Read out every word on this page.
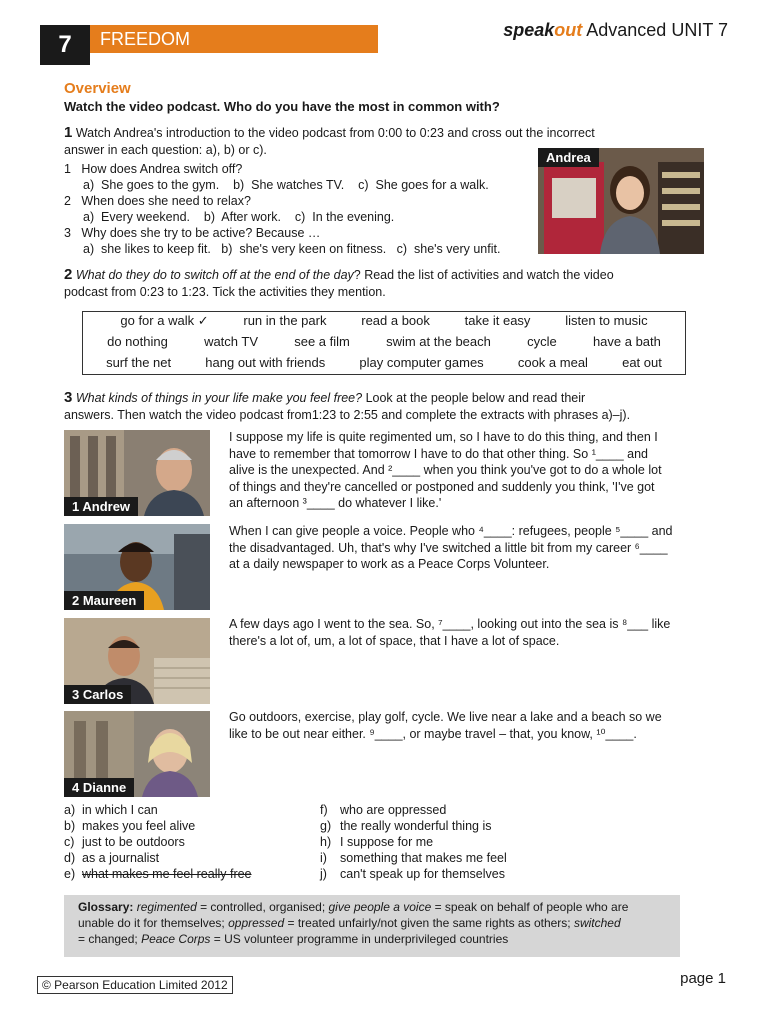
7	FREEDOM	speakout Advanced UNIT 7
Overview
Watch the video podcast. Who do you have the most in common with?
1 Watch Andrea's introduction to the video podcast from 0:00 to 0:23 and cross out the incorrect
answer in each question: a), b) or c).
1 How does Andrea switch off?
a)  She goes to the gym.    b)  She watches TV.    c)  She goes for a walk.
2 When does she need to relax?
a)  Every weekend.    b)  After work.    c)  In the evening.
3 Why does she try to be active? Because …
a)  she likes to keep fit.   b)  she's very keen on fitness.   c)  she's very unfit.
Andrea
2 What do they do to switch off at the end of the day? Read the list of activities and watch the video
podcast from 0:23 to 1:23. Tick the activities they mention.
go for a walk ✓	run in the park	read a book	take it easy	listen to music
do nothing	watch TV	see a film	swim at the beach	cycle	have a bath
surf the net	hang out with friends	play computer games	cook a meal	eat out
3 What kinds of things in your life make you feel free? Look at the people below and read their
answers. Then watch the video podcast from1:23 to 2:55 and complete the extracts with phrases a)–j).
1 Andrew
I suppose my life is quite regimented um, so I have to do this thing, and then I
have to remember that tomorrow I have to do that other thing. So ¹____ and
alive is the unexpected. And ²____ when you think you've got to do a whole lot
of things and they're cancelled or postponed and suddenly you think, 'I've got
an afternoon ³____ do whatever I like.'
2 Maureen
When I can give people a voice. People who ⁴____: refugees, people ⁵____ and
the disadvantaged. Uh, that's why I've switched a little bit from my career ⁶____
at a daily newspaper to work as a Peace Corps Volunteer.
3 Carlos
A few days ago I went to the sea. So, ⁷____, looking out into the sea is ⁸___ like
there's a lot of, um, a lot of space, that I have a lot of space.
4 Dianne
Go outdoors, exercise, play golf, cycle. We live near a lake and a beach so we
like to be out near either. ⁹____, or maybe travel – that, you know, ¹⁰____.
a) in which I can
b) makes you feel alive
c) just to be outdoors
d) as a journalist
e) what makes me feel really free
f) who are oppressed
g) the really wonderful thing is
h) I suppose for me
i) something that makes me feel
j) can't speak up for themselves
Glossary: regimented = controlled, organised; give people a voice = speak on behalf of people who are
unable do it for themselves; oppressed = treated unfairly/not given the same rights as others; switched
= changed; Peace Corps = US volunteer programme in underprivileged countries
© Pearson Education Limited 2012	page 1
